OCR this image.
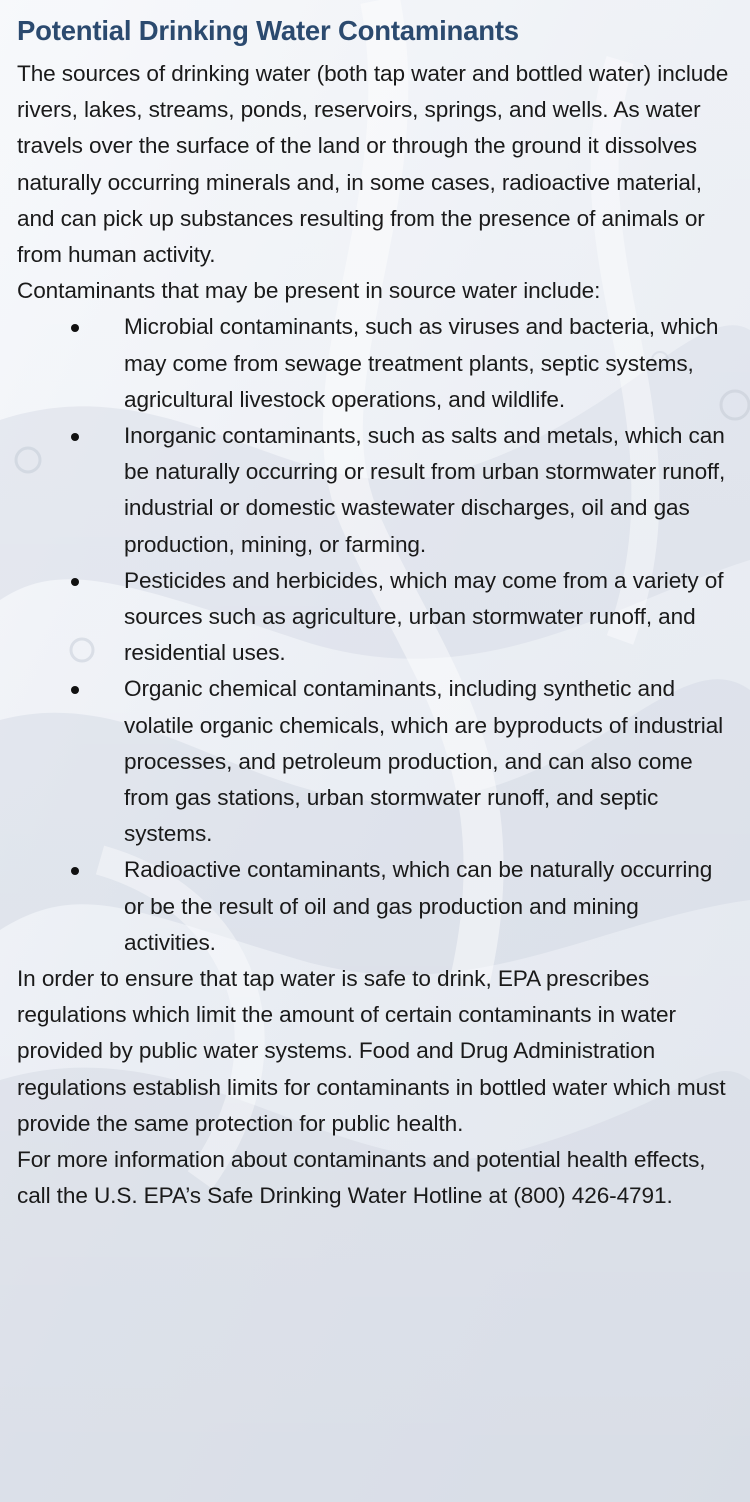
Potential Drinking Water Contaminants

The sources of drinking water (both tap water and bottled water) include rivers, lakes, streams, ponds, reservoirs, springs, and wells. As water travels over the surface of the land or through the ground it dissolves naturally occurring minerals and, in some cases, radioactive material, and can pick up substances resulting from the presence of animals or from human activity.

Contaminants that may be present in source water include:

Microbial contaminants, such as viruses and bacteria, which may come from sewage treatment plants, septic systems, agricultural livestock operations, and wildlife.
Inorganic contaminants, such as salts and metals, which can be naturally occurring or result from urban stormwater runoff, industrial or domestic wastewater discharges, oil and gas production, mining, or farming.
Pesticides and herbicides, which may come from a variety of sources such as agriculture, urban stormwater runoff, and residential uses.
Organic chemical contaminants, including synthetic and volatile organic chemicals, which are byproducts of industrial processes, and petroleum production, and can also come from gas stations, urban stormwater runoff, and septic systems.
Radioactive contaminants, which can be naturally occurring or be the result of oil and gas production and mining activities.

In order to ensure that tap water is safe to drink, EPA prescribes regulations which limit the amount of certain contaminants in water provided by public water systems. Food and Drug Administration regulations establish limits for contaminants in bottled water which must provide the same protection for public health.

For more information about contaminants and potential health effects, call the U.S. EPA’s Safe Drinking Water Hotline at (800) 426-4791.
